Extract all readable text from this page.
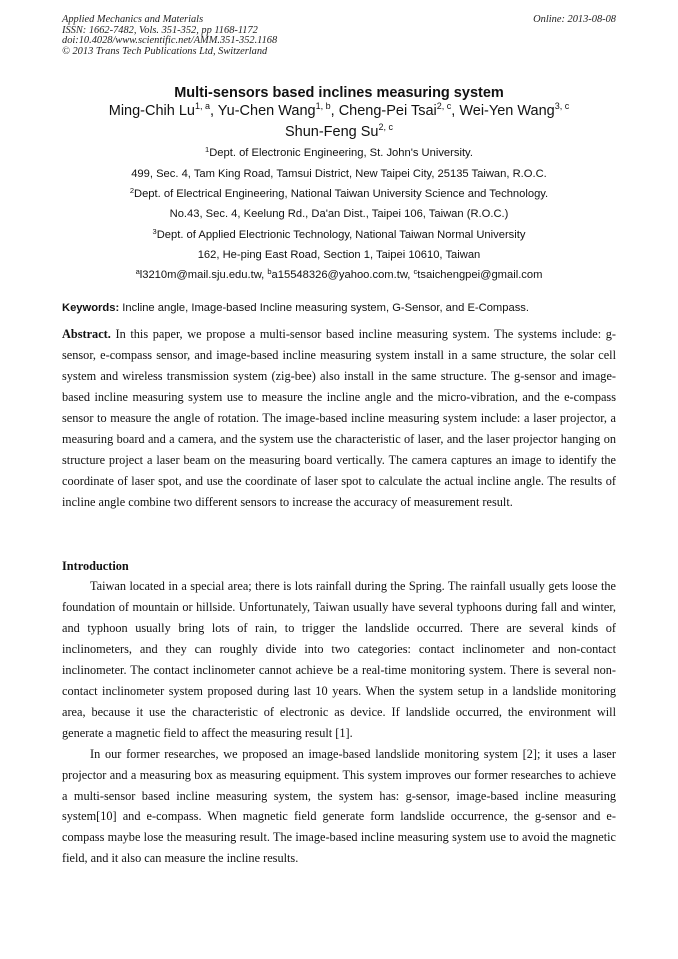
Applied Mechanics and Materials
ISSN: 1662-7482, Vols. 351-352, pp 1168-1172
doi:10.4028/www.scientific.net/AMM.351-352.1168
© 2013 Trans Tech Publications Ltd, Switzerland
Online: 2013-08-08
Multi-sensors based inclines measuring system
Ming-Chih Lu$^{1, a}$, Yu-Chen Wang$^{1, b}$, Cheng-Pei Tsai$^{2, c}$, Wei-Yen Wang$^{3, c}$
Shun-Feng Su$^{2, c}$
$^1$Dept. of Electronic Engineering, St. John's University.
499, Sec. 4, Tam King Road, Tamsui District, New Taipei City, 25135 Taiwan, R.O.C.
$^2$Dept. of Electrical Engineering, National Taiwan University Science and Technology.
No.43, Sec. 4, Keelung Rd., Da'an Dist., Taipei 106, Taiwan (R.O.C.)
$^3$Dept. of Applied Electrionic Technology, National Taiwan Normal University
162, He-ping East Road, Section 1, Taipei 10610, Taiwan
$^a$l3210m@mail.sju.edu.tw, $^b$a15548326@yahoo.com.tw, $^c$tsaichengpei@gmail.com
Keywords: Incline angle, Image-based Incline measuring system, G-Sensor, and E-Compass.
Abstract. In this paper, we propose a multi-sensor based incline measuring system. The systems include: g-sensor, e-compass sensor, and image-based incline measuring system install in a same structure, the solar cell system and wireless transmission system (zig-bee) also install in the same structure. The g-sensor and image-based incline measuring system use to measure the incline angle and the micro-vibration, and the e-compass sensor to measure the angle of rotation. The image-based incline measuring system include: a laser projector, a measuring board and a camera, and the system use the characteristic of laser, and the laser projector hanging on structure project a laser beam on the measuring board vertically. The camera captures an image to identify the coordinate of laser spot, and use the coordinate of laser spot to calculate the actual incline angle. The results of incline angle combine two different sensors to increase the accuracy of measurement result.
Introduction
Taiwan located in a special area; there is lots rainfall during the Spring. The rainfall usually gets loose the foundation of mountain or hillside. Unfortunately, Taiwan usually have several typhoons during fall and winter, and typhoon usually bring lots of rain, to trigger the landslide occurred. There are several kinds of inclinometers, and they can roughly divide into two categories: contact inclinometer and non-contact inclinometer. The contact inclinometer cannot achieve be a real-time monitoring system. There is several non-contact inclinometer system proposed during last 10 years. When the system setup in a landslide monitoring area, because it use the characteristic of electronic as device. If landslide occurred, the environment will generate a magnetic field to affect the measuring result [1].
In our former researches, we proposed an image-based landslide monitoring system [2]; it uses a laser projector and a measuring box as measuring equipment. This system improves our former researches to achieve a multi-sensor based incline measuring system, the system has: g-sensor, image-based incline measuring system[10] and e-compass. When magnetic field generate form landslide occurrence, the g-sensor and e-compass maybe lose the measuring result. The image-based incline measuring system use to avoid the magnetic field, and it also can measure the incline results.
